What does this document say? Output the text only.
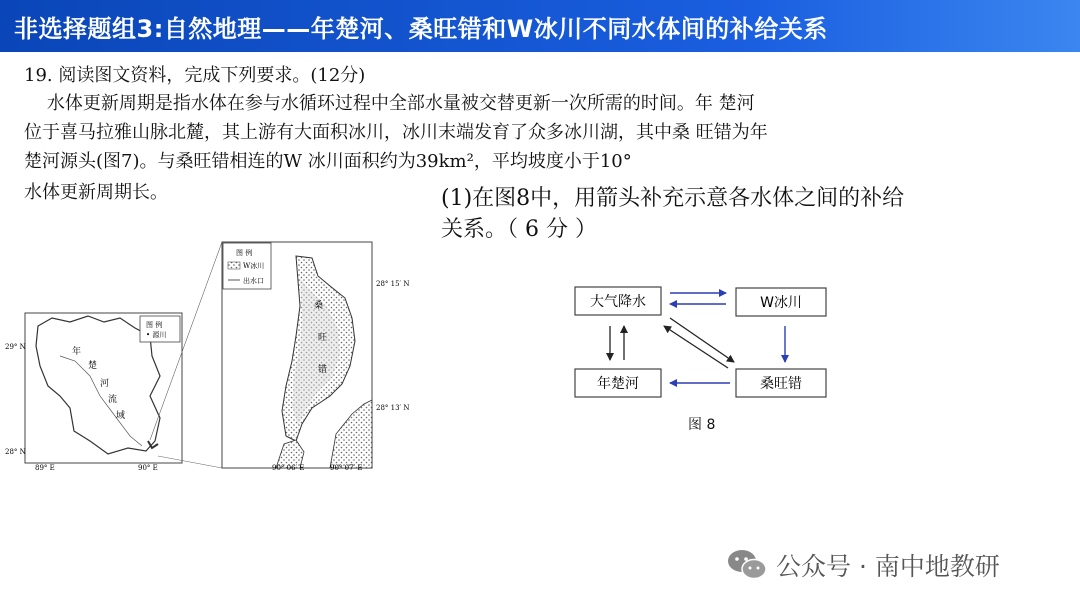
非选择题组3:自然地理——年楚河、桑旺错和W冰川不同水体间的补给关系
19. 阅读图文资料，完成下列要求。(12分)
水体更新周期是指水体在参与水循环过程中全部水量被交替更新一次所需的时间。年 楚河
位于喜马拉雅山脉北麓，其上游有大面积冰川，冰川末端发育了众多冰川湖，其中桑 旺错为年
楚河源头(图7)。与桑旺错相连的W 冰川面积约为39km²，平均坡度小于10°
水体更新周期长。	(1)在图8中，用箭头补充示意各水体之间的补给
关系。（ 6 分 ）
图 例
• 源川
年
楚
河
流
域
29° N
28° N
89° E	90° E
图 例
W冰川
出水口
桑
旺
错
28° 15′ N
28° 13′ N
90° 06′ E	90° 07′ E
大气降水	W冰川
年楚河	桑旺错
图 8
公众号 · 南中地教研
